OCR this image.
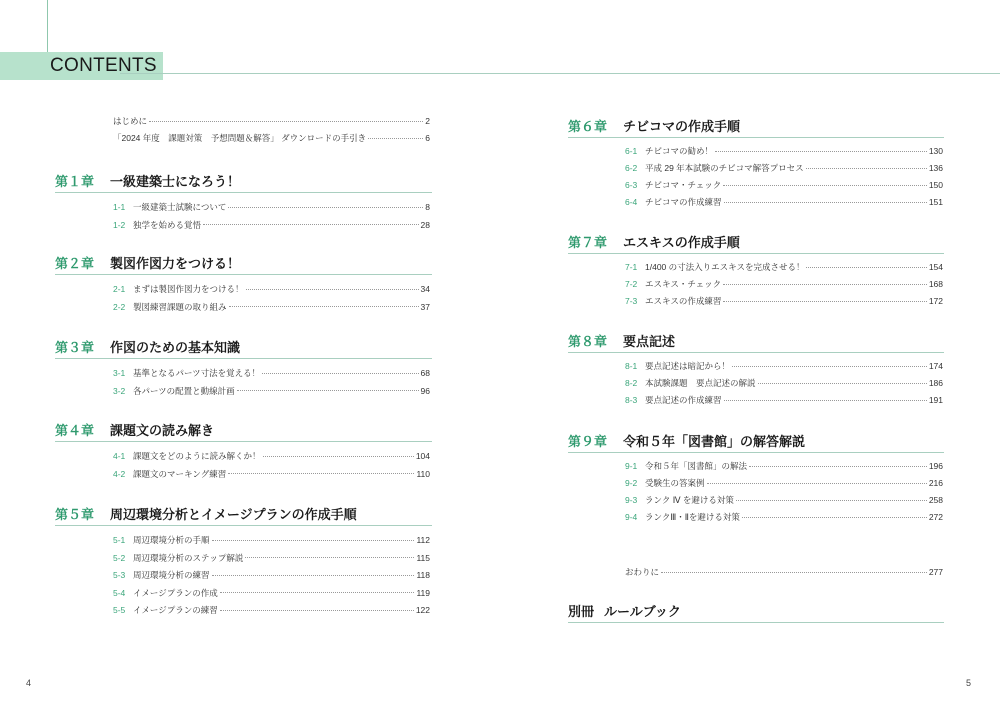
CONTENTS
はじめに	2
「2024 年度　課題対策　予想問題＆解答」 ダウンロードの手引き	6
第１章	一級建築士になろう！
1-1 一級建築士試験について	8
1-2 独学を始める覚悟	28
第２章	製図作図力をつける！
2-1 まずは製図作図力をつける！	34
2-2 製図練習課題の取り組み	37
第３章	作図のための基本知識
3-1 基準となるパーツ寸法を覚える！	68
3-2 各パーツの配置と動線計画	96
第４章	課題文の読み解き
4-1 課題文をどのように読み解くか！	104
4-2 課題文のマーキング練習	110
第５章	周辺環境分析とイメージプランの作成手順
5-1 周辺環境分析の手順	112
5-2 周辺環境分析のステップ解説	115
5-3 周辺環境分析の練習	118
5-4 イメージプランの作成	119
5-5 イメージプランの練習	122
第６章	チビコマの作成手順
6-1 チビコマの勧め！	130
6-2 平成 29 年本試験のチビコマ解答プロセス	136
6-3 チビコマ・チェック	150
6-4 チビコマの作成練習	151
第７章	エスキスの作成手順
7-1 1/400 の寸法入りエスキスを完成させる！	154
7-2 エスキス・チェック	168
7-3 エスキスの作成練習	172
第８章	要点記述
8-1 要点記述は暗記から！	174
8-2 本試験課題　要点記述の解説	186
8-3 要点記述の作成練習	191
第９章	令和５年「図書館」の解答解説
9-1 令和５年「図書館」の解法	196
9-2 受験生の答案例	216
9-3 ランク Ⅳ を避ける対策	258
9-4 ランクⅢ・Ⅱを避ける対策	272
おわりに	277
別冊 ルールブック
4	5
